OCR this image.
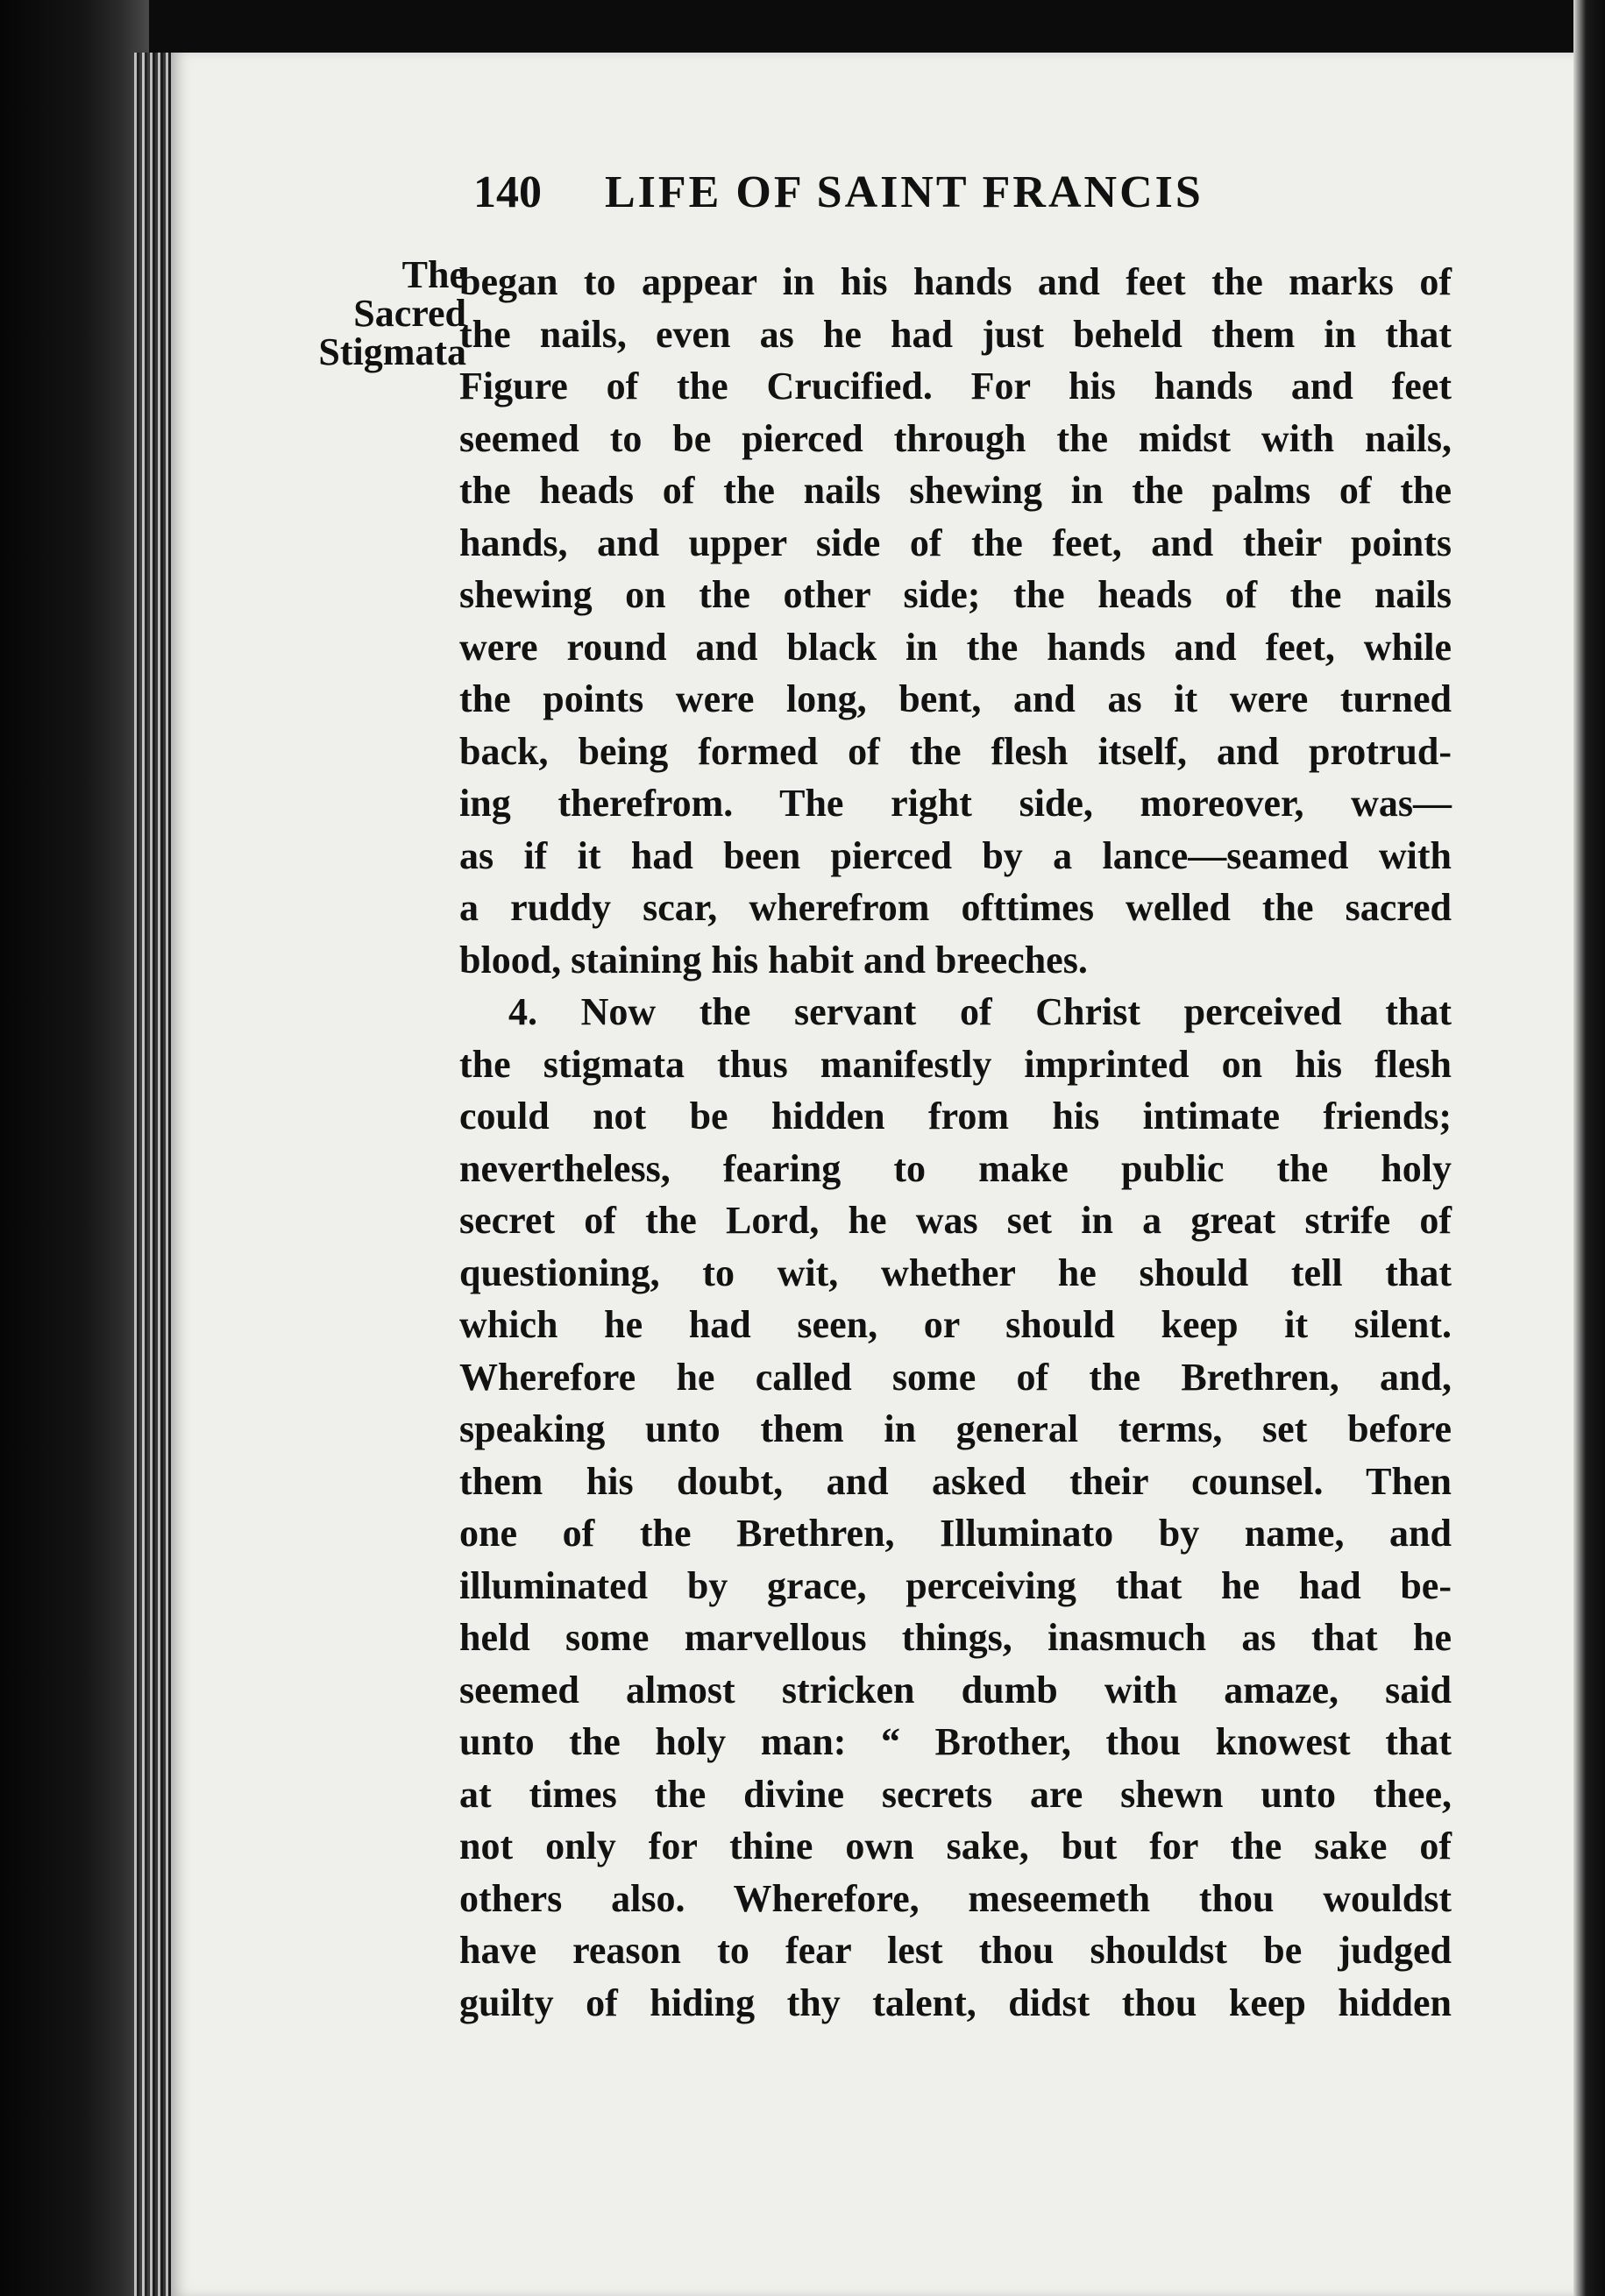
140 LIFE OF SAINT FRANCIS
The
Sacred
Stigmata
began to appear in his hands and feet the marks of
the nails, even as he had just beheld them in that
Figure of the Crucified. For his hands and feet
seemed to be pierced through the midst with nails,
the heads of the nails shewing in the palms of the
hands, and upper side of the feet, and their points
shewing on the other side; the heads of the nails
were round and black in the hands and feet, while
the points were long, bent, and as it were turned
back, being formed of the flesh itself, and protrud-
ing therefrom. The right side, moreover, was—
as if it had been pierced by a lance—seamed with
a ruddy scar, wherefrom ofttimes welled the sacred
blood, staining his habit and breeches.
4. Now the servant of Christ perceived that
the stigmata thus manifestly imprinted on his flesh
could not be hidden from his intimate friends;
nevertheless, fearing to make public the holy
secret of the Lord, he was set in a great strife of
questioning, to wit, whether he should tell that
which he had seen, or should keep it silent.
Wherefore he called some of the Brethren, and,
speaking unto them in general terms, set before
them his doubt, and asked their counsel. Then
one of the Brethren, Illuminato by name, and
illuminated by grace, perceiving that he had be-
held some marvellous things, inasmuch as that he
seemed almost stricken dumb with amaze, said
unto the holy man: “ Brother, thou knowest that
at times the divine secrets are shewn unto thee,
not only for thine own sake, but for the sake of
others also. Wherefore, meseemeth thou wouldst
have reason to fear lest thou shouldst be judged
guilty of hiding thy talent, didst thou keep hidden
